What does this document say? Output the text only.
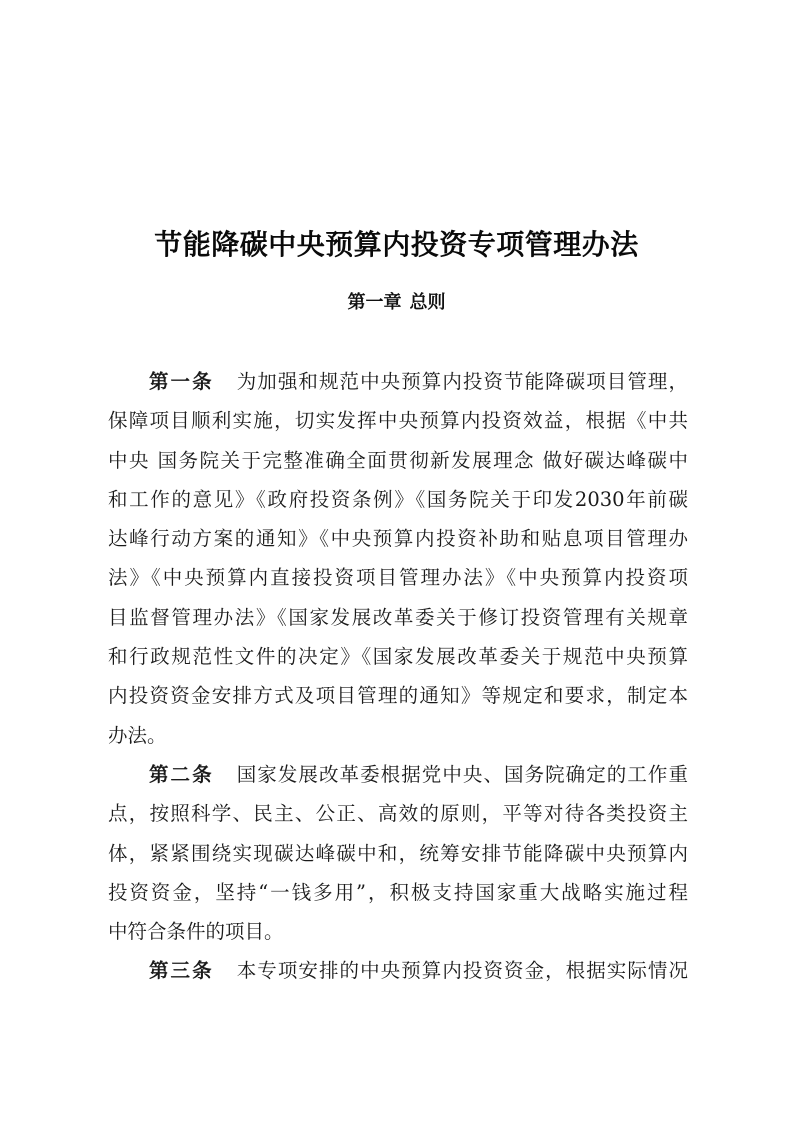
节能降碳中央预算内投资专项管理办法
第一章 总则
第一条 为加强和规范中央预算内投资节能降碳项目管理，
保障项目顺利实施，切实发挥中央预算内投资效益，根据《中共
中央 国务院关于完整准确全面贯彻新发展理念 做好碳达峰碳中
和工作的意见》《政府投资条例》《国务院关于印发2030年前碳
达峰行动方案的通知》《中央预算内投资补助和贴息项目管理办
法》《中央预算内直接投资项目管理办法》《中央预算内投资项
目监督管理办法》《国家发展改革委关于修订投资管理有关规章
和行政规范性文件的决定》《国家发展改革委关于规范中央预算
内投资资金安排方式及项目管理的通知》等规定和要求，制定本
办法。
第二条 国家发展改革委根据党中央、国务院确定的工作重
点，按照科学、民主、公正、高效的原则，平等对待各类投资主
体，紧紧围绕实现碳达峰碳中和，统筹安排节能降碳中央预算内
投资资金，坚持“一钱多用”，积极支持国家重大战略实施过程
中符合条件的项目。
第三条 本专项安排的中央预算内投资资金，根据实际情况
